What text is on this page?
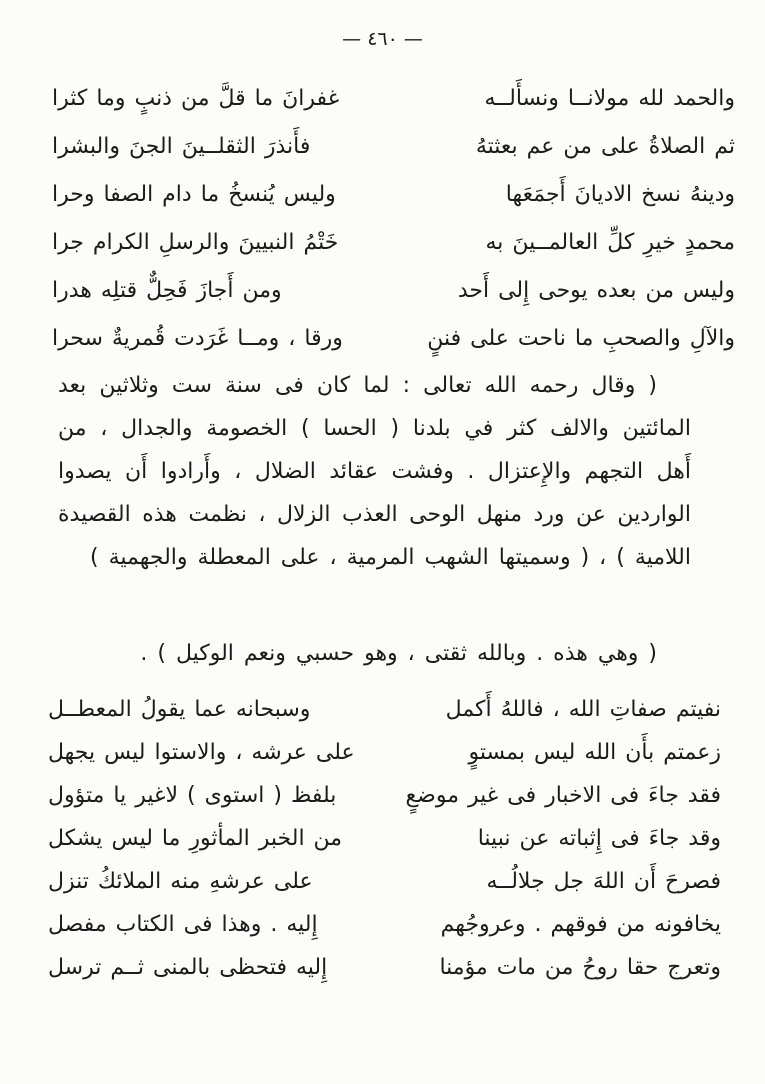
— ٤٦٠ —
والحمد لله مولانــا ونسأَلــه
غفرانَ ما قلَّ من ذنبٍ وما كثرا
ثم الصلاةُ على من عم بعثتهُ
فأَنذرَ الثقلــينَ الجنَ والبشرا
ودينهُ نسخ الاديانَ أَجمَعَها
وليس يُنسخُ ما دام الصفا وحرا
محمدٍ خيرِ كلِّ العالمــينَ به
خَتْمُ النبيينَ والرسلِ الكرام جرا
وليس من بعده يوحى إِلى أَحد
ومن أَجازَ فَحِلٌّ قتلِه هدرا
والآلِ والصحبِ ما ناحت على فننٍ
ورقا ، ومــا غَرَدت قُمريةٌ سحرا

( وقال رحمه الله تعالى : لما كان فى سنة ست وثلاثين بعد المائتين والالف كثر في بلدنا ( الحسا ) الخصومة والجدال ، من أَهل التجهم والإِعتزال . وفشت عقائد الضلال ، وأَرادوا أَن يصدوا الواردين عن ورد منهل الوحى العذب الزلال ، نظمت هذه القصيدة اللامية ) ، ( وسميتها الشهب المرمية ، على المعطلة والجهمية )

( وهي هذه . وبالله ثقتى ، وهو حسبي ونعم الوكيل ) .

نفيتم صفاتِ الله ، فاللهُ أَكمل
وسبحانه عما يقولُ المعطــل
زعمتم بأَن الله ليس بمستوٍ
على عرشه ، والاستوا ليس يجهل
فقد جاءَ فى الاخبار فى غير موضعٍ
بلفظ ( استوى ) لاغير يا متؤول
وقد جاءَ فى إِثباته عن نبينا
من الخبر المأثورِ ما ليس يشكل
فصرحَ أَن اللهَ جل جلالُــه
على عرشهِ منه الملائكُ تنزل
يخافونه من فوقهم . وعروجُهم
إِليه . وهذا فى الكتاب مفصل
وتعرج حقا روحُ من مات مؤمنا
إِليه فتحظى بالمنى ثــم ترسل
